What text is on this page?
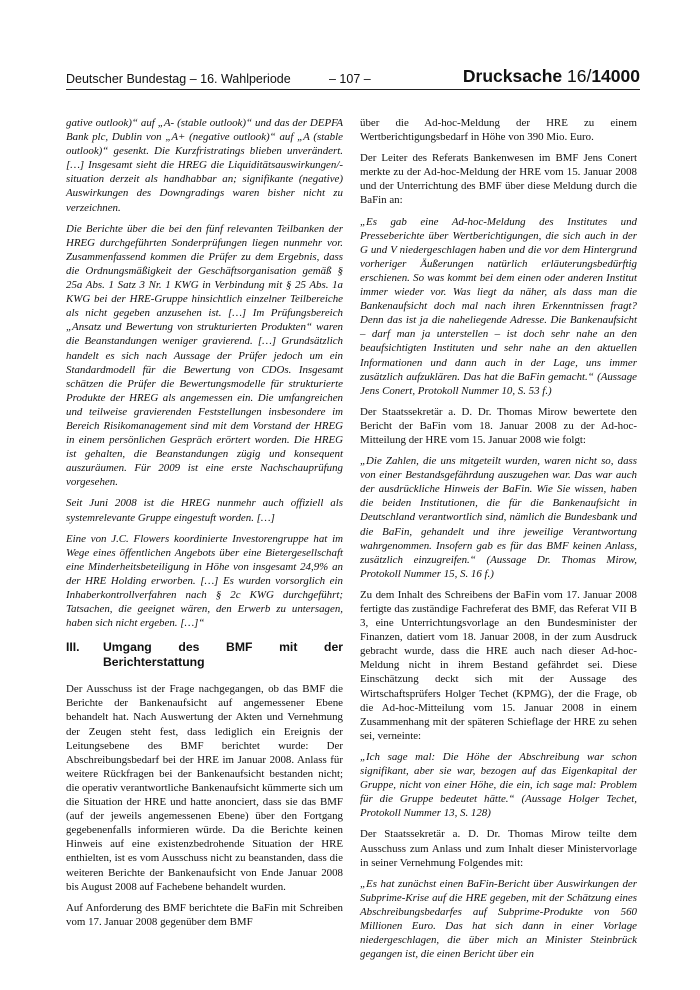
Deutscher Bundestag – 16. Wahlperiode	– 107 –	Drucksache 16/14000

gative outlook)“ auf „A- (stable outlook)“ und das der DEPFA Bank plc, Dublin von „A+ (negative outlook)“ auf „A (stable outlook)“ gesenkt. Die Kurzfristratings blieben unverändert. […] Insgesamt sieht die HREG die Liquiditätsauswirkungen/-situation derzeit als handhabbar an; signifikante (negative) Auswirkungen des Downgradings waren bisher nicht zu verzeichnen.

Die Berichte über die bei den fünf relevanten Teilbanken der HREG durchgeführten Sonderprüfungen liegen nunmehr vor. Zusammenfassend kommen die Prüfer zu dem Ergebnis, dass die Ordnungsmäßigkeit der Geschäftsorganisation gemäß § 25a Abs. 1 Satz 3 Nr. 1 KWG in Verbindung mit § 25 Abs. 1a KWG bei der HRE-Gruppe hinsichtlich einzelner Teilbereiche als nicht gegeben anzusehen ist. […] Im Prüfungsbereich „Ansatz und Bewertung von strukturierten Produkten“ waren die Beanstandungen weniger gravierend. […] Grundsätzlich handelt es sich nach Aussage der Prüfer jedoch um ein Standardmodell für die Bewertung von CDOs. Insgesamt schätzen die Prüfer die Bewertungsmodelle für strukturierte Produkte der HREG als angemessen ein. Die umfangreichen und teilweise gravierenden Feststellungen insbesondere im Bereich Risikomanagement sind mit dem Vorstand der HREG in einem persönlichen Gespräch erörtert worden. Die HREG ist gehalten, die Beanstandungen zügig und konsequent auszuräumen. Für 2009 ist eine erste Nachschauprüfung vorgesehen.

Seit Juni 2008 ist die HREG nunmehr auch offiziell als systemrelevante Gruppe eingestuft worden. […]

Eine von J.C. Flowers koordinierte Investorengruppe hat im Wege eines öffentlichen Angebots über eine Bietergesellschaft eine Minderheitsbeteiligung in Höhe von insgesamt 24,9% an der HRE Holding erworben. […] Es wurden vorsorglich ein Inhaberkontrollverfahren nach § 2c KWG durchgeführt; Tatsachen, die geeignet wären, den Erwerb zu untersagen, haben sich nicht ergeben. […]“

III.	Umgang des BMF mit der Berichterstattung

Der Ausschuss ist der Frage nachgegangen, ob das BMF die Berichte der Bankenaufsicht auf angemessener Ebene behandelt hat. Nach Auswertung der Akten und Vernehmung der Zeugen steht fest, dass lediglich ein Ereignis der Leitungsebene des BMF berichtet wurde: Der Abschreibungsbedarf bei der HRE im Januar 2008. Anlass für weitere Rückfragen bei der Bankenaufsicht bestanden nicht; die operativ verantwortliche Bankenaufsicht kümmerte sich um die Situation der HRE und hatte anonciert, dass sie das BMF (auf der jeweils angemessenen Ebene) über den Fortgang gegebenenfalls informieren würde. Da die Berichte keinen Hinweis auf eine existenzbedrohende Situation der HRE enthielten, ist es vom Ausschuss nicht zu beanstanden, dass die weiteren Berichte der Bankenaufsicht von Ende Januar 2008 bis August 2008 auf Fachebene behandelt wurden.

Auf Anforderung des BMF berichtete die BaFin mit Schreiben vom 17. Januar 2008 gegenüber dem BMF

über die Ad-hoc-Meldung der HRE zu einem Wertberichtigungsbedarf in Höhe von 390 Mio. Euro.

Der Leiter des Referats Bankenwesen im BMF Jens Conert merkte zu der Ad-hoc-Meldung der HRE vom 15. Januar 2008 und der Unterrichtung des BMF über diese Meldung durch die BaFin an:

„Es gab eine Ad-hoc-Meldung des Institutes und Presseberichte über Wertberichtigungen, die sich auch in der G und V niedergeschlagen haben und die vor dem Hintergrund vorheriger Äußerungen natürlich erläuterungsbedürftig erschienen. So was kommt bei dem einen oder anderen Institut immer wieder vor. Was liegt da näher, als dass man die Bankenaufsicht doch mal nach ihren Erkenntnissen fragt? Denn das ist ja die naheliegende Adresse. Die Bankenaufsicht – darf man ja unterstellen – ist doch sehr nahe an den beaufsichtigten Instituten und sehr nahe an den aktuellen Informationen und dann auch in der Lage, uns immer zusätzlich aufzuklären. Das hat die BaFin gemacht.“ (Aussage Jens Conert, Protokoll Nummer 10, S. 53 f.)

Der Staatssekretär a. D. Dr. Thomas Mirow bewertete den Bericht der BaFin vom 18. Januar 2008 zu der Ad-hoc-Mitteilung der HRE vom 15. Januar 2008 wie folgt:

„Die Zahlen, die uns mitgeteilt wurden, waren nicht so, dass von einer Bestandsgefährdung auszugehen war. Das war auch der ausdrückliche Hinweis der BaFin. Wie Sie wissen, haben die beiden Institutionen, die für die Bankenaufsicht in Deutschland verantwortlich sind, nämlich die Bundesbank und die BaFin, gehandelt und ihre jeweilige Verantwortung wahrgenommen. Insofern gab es für das BMF keinen Anlass, zusätzlich einzugreifen.“ (Aussage Dr. Thomas Mirow, Protokoll Nummer 15, S. 16 f.)

Zu dem Inhalt des Schreibens der BaFin vom 17. Januar 2008 fertigte das zuständige Fachreferat des BMF, das Referat VII B 3, eine Unterrichtungsvorlage an den Bundesminister der Finanzen, datiert vom 18. Januar 2008, in der zum Ausdruck gebracht wurde, dass die HRE auch nach dieser Ad-hoc-Meldung nicht in ihrem Bestand gefährdet sei. Diese Einschätzung deckt sich mit der Aussage des Wirtschaftsprüfers Holger Techet (KPMG), der die Frage, ob die Ad-hoc-Mitteilung vom 15. Januar 2008 in einem Zusammenhang mit der späteren Schieflage der HRE zu sehen sei, verneinte:

„Ich sage mal: Die Höhe der Abschreibung war schon signifikant, aber sie war, bezogen auf das Eigenkapital der Gruppe, nicht von einer Höhe, die ein, ich sage mal: Problem für die Gruppe bedeutet hätte.“ (Aussage Holger Techet, Protokoll Nummer 13, S. 128)

Der Staatssekretär a. D. Dr. Thomas Mirow teilte dem Ausschuss zum Anlass und zum Inhalt dieser Ministervorlage in seiner Vernehmung Folgendes mit:

„Es hat zunächst einen BaFin-Bericht über Auswirkungen der Subprime-Krise auf die HRE gegeben, mit der Schätzung eines Abschreibungsbedarfes auf Subprime-Produkte von 560 Millionen Euro. Das hat sich dann in einer Vorlage niedergeschlagen, die über mich an Minister Steinbrück gegangen ist, die einen Bericht über ein
